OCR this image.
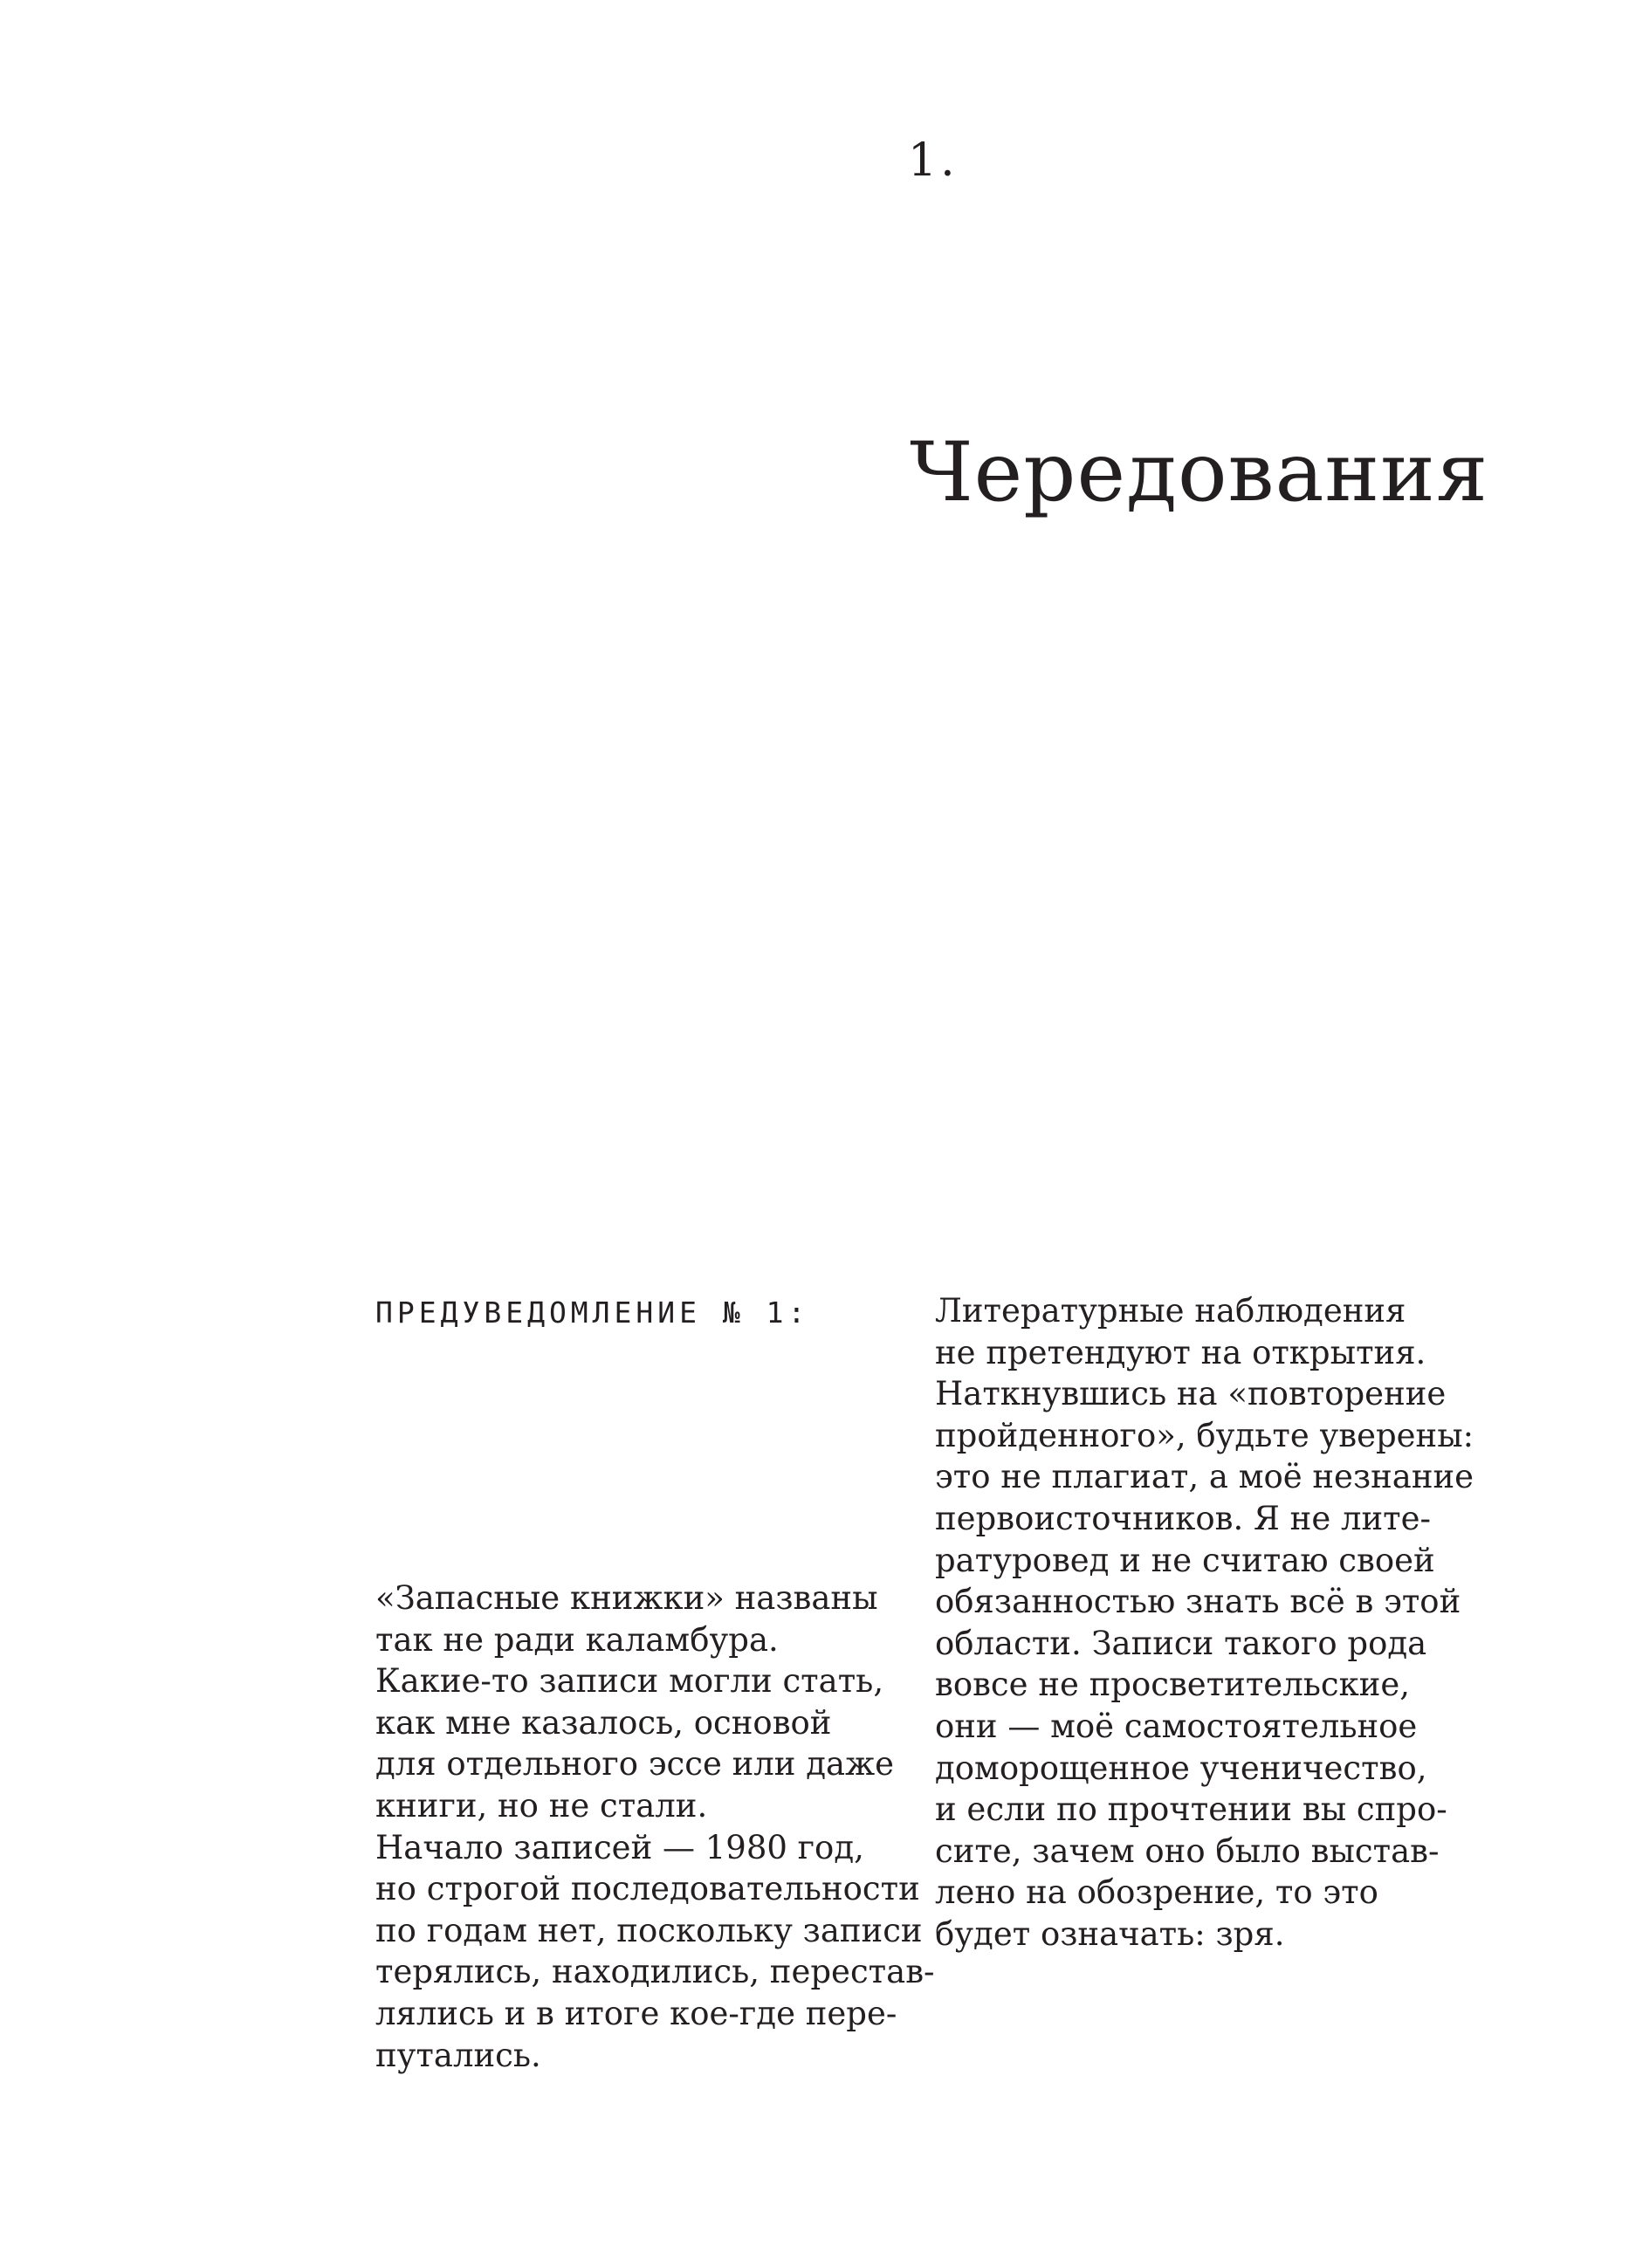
1.
Чередования
ПРЕДУВЕДОМЛЕНИЕ № 1:
«Запасные книжки» названы
так не ради каламбура.
Какие-то записи могли стать,
как мне казалось, основой
для отдельного эссе или даже
книги, но не стали.
Начало записей — 1980 год,
но строгой последовательности
по годам нет, поскольку записи
терялись, находились, перестав-
лялись и в итоге кое-где пере-
путались.
Литературные наблюдения
не претендуют на открытия.
Наткнувшись на «повторение
пройденного», будьте уверены:
это не плагиат, а моё незнание
первоисточников. Я не лите-
ратуровед и не считаю своей
обязанностью знать всё в этой
области. Записи такого рода
вовсе не просветительские,
они — моё самостоятельное
доморощенное ученичество,
и если по прочтении вы спро-
сите, зачем оно было выстав-
лено на обозрение, то это
будет означать: зря.
